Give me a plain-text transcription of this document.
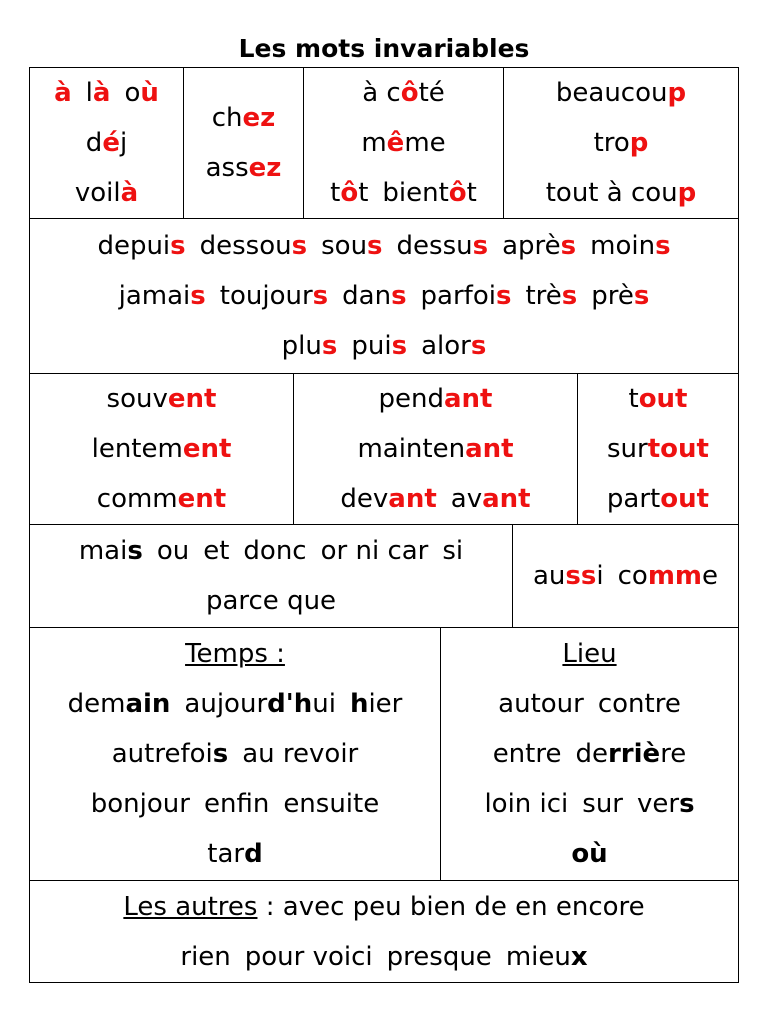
Les mots invariables
à là où
déj
voilà
chez
assez
à côté
même
tôt bientôt
beaucoup
trop
tout à coup
depuis dessous sous dessus après moins
jamais toujours dans parfois très près
plus puis alors
souvent
lentement
comment
pendant
maintenant
devant avant
tout
surtout
partout
mais ou et donc or ni car si
parce que
aussi comme
Temps :
demain aujourd'hui hier
autrefois au revoir
bonjour enfin ensuite
tard
Lieu
autour contre
entre derrière
loin ici sur vers
où
Les autres : avec peu bien de en encore
rien pour voici presque mieux
